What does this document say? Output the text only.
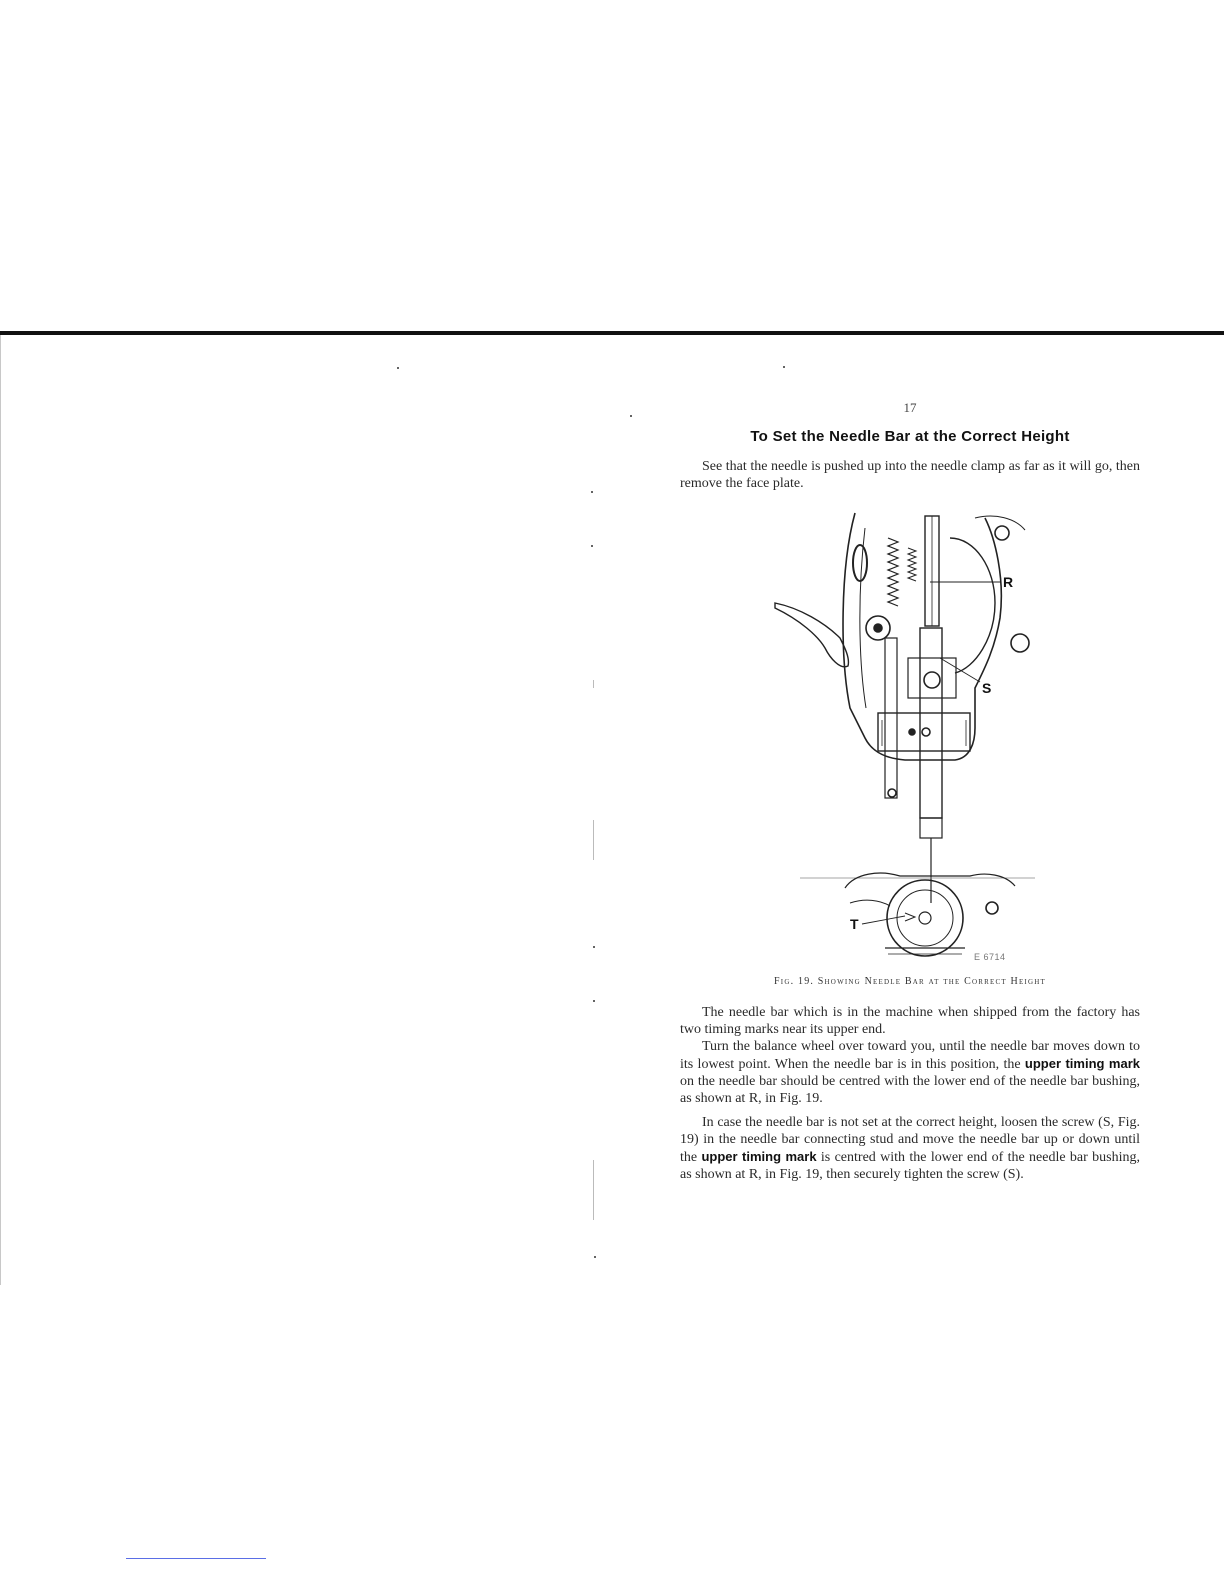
17
To Set the Needle Bar at the Correct Height

See that the needle is pushed up into the needle clamp as far as it will go, then remove the face plate.

R
S
T
E 6714
Fig. 19. Showing Needle Bar at the Correct Height

The needle bar which is in the machine when shipped from the factory has two timing marks near its upper end.

Turn the balance wheel over toward you, until the needle bar moves down to its lowest point. When the needle bar is in this position, the upper timing mark on the needle bar should be centred with the lower end of the needle bar bushing, as shown at R, in Fig. 19.

In case the needle bar is not set at the correct height, loosen the screw (S, Fig. 19) in the needle bar connecting stud and move the needle bar up or down until the upper timing mark is centred with the lower end of the needle bar bushing, as shown at R, in Fig. 19, then securely tighten the screw (S).
